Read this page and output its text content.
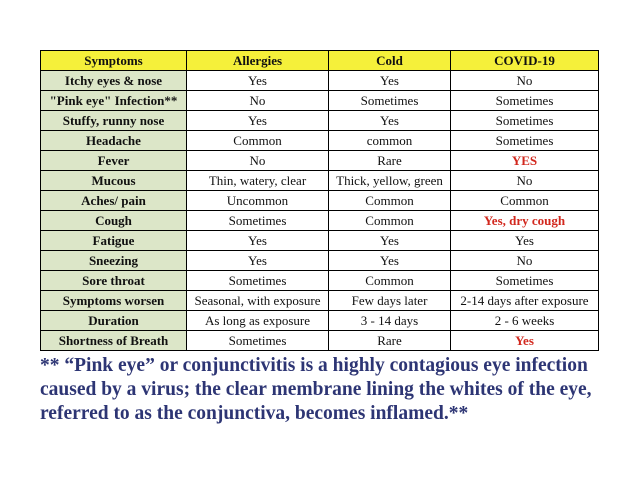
Symptoms	Allergies	Cold	COVID-19
Itchy eyes & nose	Yes	Yes	No
"Pink eye" Infection**	No	Sometimes	Sometimes
Stuffy, runny nose	Yes	Yes	Sometimes
Headache	Common	common	Sometimes
Fever	No	Rare	YES
Mucous	Thin, watery, clear	Thick, yellow, green	No
Aches/ pain	Uncommon	Common	Common
Cough	Sometimes	Common	Yes, dry cough
Fatigue	Yes	Yes	Yes
Sneezing	Yes	Yes	No
Sore throat	Sometimes	Common	Sometimes
Symptoms worsen	Seasonal, with exposure	Few days later	2-14 days after exposure
Duration	As long as exposure	3 - 14 days	2 - 6 weeks
Shortness of Breath	Sometimes	Rare	Yes
** “Pink eye” or conjunctivitis is a highly contagious eye infection caused by a virus; the clear membrane lining the whites of the eye, referred to as the conjunctiva, becomes inflamed.**
